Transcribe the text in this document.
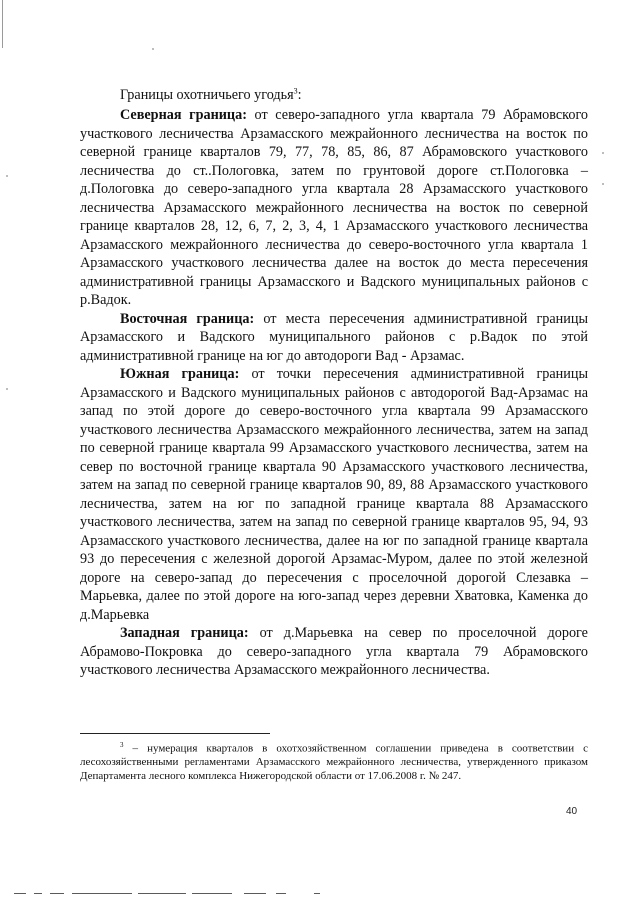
Границы охотничьего угодья$^3$:

Северная граница: от северо-западного угла квартала 79 Абрамовского участкового лесничества Арзамасского межрайонного лесничества на восток по северной границе кварталов 79, 77, 78, 85, 86, 87 Абрамовского участкового лесничества до ст..Пологовка, затем по грунтовой дороге ст.Пологовка – д.Пологовка до северо-западного угла квартала 28 Арзамасского участкового лесничества Арзамасского межрайонного лесничества на восток по северной границе кварталов 28, 12, 6, 7, 2, 3, 4, 1 Арзамасского участкового лесничества Арзамасского межрайонного лесничества до северо-восточного угла квартала 1 Арзамасского участкового лесничества далее на восток до места пересечения административной границы Арзамасского и Вадского муниципальных районов с р.Вадок.

Восточная граница: от места пересечения административной границы Арзамасского и Вадского муниципального районов с р.Вадок по этой административной границе на юг до автодороги Вад - Арзамас.

Южная граница: от точки пересечения административной границы Арзамасского и Вадского муниципальных районов с автодорогой Вад-Арзамас на запад по этой дороге до северо-восточного угла квартала 99 Арзамасского участкового лесничества Арзамасского межрайонного лесничества, затем на запад по северной границе квартала 99 Арзамасского участкового лесничества, затем на север по восточной границе квартала 90 Арзамасского участкового лесничества, затем на запад по северной границе кварталов 90, 89, 88 Арзамасского участкового лесничества, затем на юг по западной границе квартала 88 Арзамасского участкового лесничества, затем на запад по северной границе кварталов 95, 94, 93 Арзамасского участкового лесничества, далее на юг по западной границе квартала 93 до пересечения с железной дорогой Арзамас-Муром, далее по этой железной дороге на северо-запад до пересечения с проселочной дорогой Слезавка – Марьевка, далее по этой дороге на юго-запад через деревни Хватовка, Каменка до д.Марьевка

Западная граница: от д.Марьевка на север по проселочной дороге Абрамово-Покровка до северо-западного угла квартала 79 Абрамовского участкового лесничества Арзамасского межрайонного лесничества.

$^3$ – нумерация кварталов в охотхозяйственном соглашении приведена в соответствии с лесохозяйственными регламентами Арзамасского межрайонного лесничества, утвержденного приказом Департамента лесного комплекса Нижегородской области от 17.06.2008 г. № 247.

40
